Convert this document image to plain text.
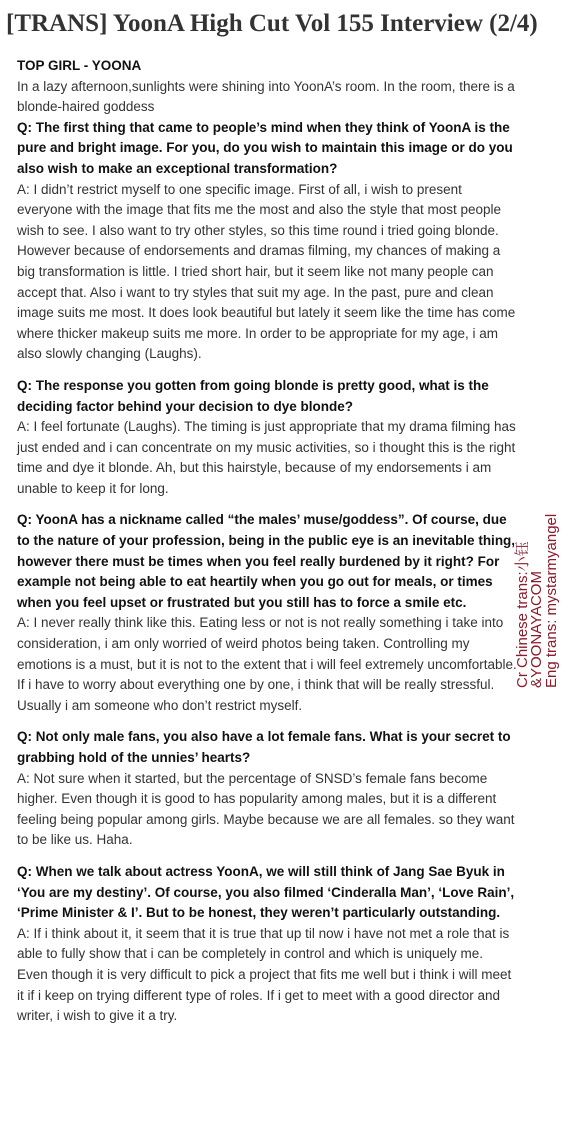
[TRANS] YoonA High Cut Vol 155 Interview (2/4)

TOP GIRL - YOONA

In a lazy afternoon,sunlights were shining into YoonA’s room. In the room, there is a blonde-haired goddess

Q: The first thing that came to people’s mind when they think of YoonA is the pure and bright image. For you, do you wish to maintain this image or do you also wish to make an exceptional transformation?

A: I didn’t restrict myself to one specific image. First of all, i wish to present everyone with the image that fits me the most and also the style that most people wish to see. I also want to try other styles, so this time round i tried going blonde. However because of endorsements and dramas filming, my chances of making a big transformation is little. I tried short hair, but it seem like not many people can accept that. Also i want to try styles that suit my age. In the past, pure and clean image suits me most. It does look beautiful but lately it seem like the time has come where thicker makeup suits me more. In order to be appropriate for my age, i am also slowly changing (Laughs).

Q: The response you gotten from going blonde is pretty good, what is the deciding factor behind your decision to dye blonde?

A: I feel fortunate (Laughs). The timing is just appropriate that my drama filming has just ended and i can concentrate on my music activities, so i thought this is the right time and dye it blonde. Ah, but this hairstyle, because of my endorsements i am unable to keep it for long.

Q: YoonA has a nickname called “the males’ muse/goddess”. Of course, due to the nature of your profession, being in the public eye is an inevitable thing, however there must be times when you feel really burdened by it right? For example not being able to eat heartily when you go out for meals, or times when you feel upset or frustrated but you still has to force a smile etc.

A: I never really think like this. Eating less or not is not really something i take into consideration, i am only worried of weird photos being taken. Controlling my emotions is a must, but it is not to the extent that i will feel extremely uncomfortable. If i have to worry about everything one by one, i think that will be really stressful. Usually i am someone who don’t restrict myself.

Q: Not only male fans, you also have a lot female fans. What is your secret to grabbing hold of the unnies’ hearts?

A: Not sure when it started, but the percentage of SNSD’s female fans become higher. Even though it is good to has popularity among males, but it is a different feeling being popular among girls. Maybe because we are all females. so they want to be like us. Haha.

Q: When we talk about actress YoonA, we will still think of Jang Sae Byuk in ‘You are my destiny’. Of course, you also filmed ‘Cinderalla Man’, ‘Love Rain’, ‘Prime Minister & I’. But to be honest, they weren’t particularly outstanding.

A: If i think about it, it seem that it is true that up til now i have not met a role that is able to fully show that i can be completely in control and which is uniquely me. Even though it is very difficult to pick a project that fits me well but i think i will meet it if i keep on trying different type of roles. If i get to meet with a good director and writer, i wish to give it a try.

Cr Chinese trans:小钰
&YOONAYACOM
Eng trans: mystarmyangel
